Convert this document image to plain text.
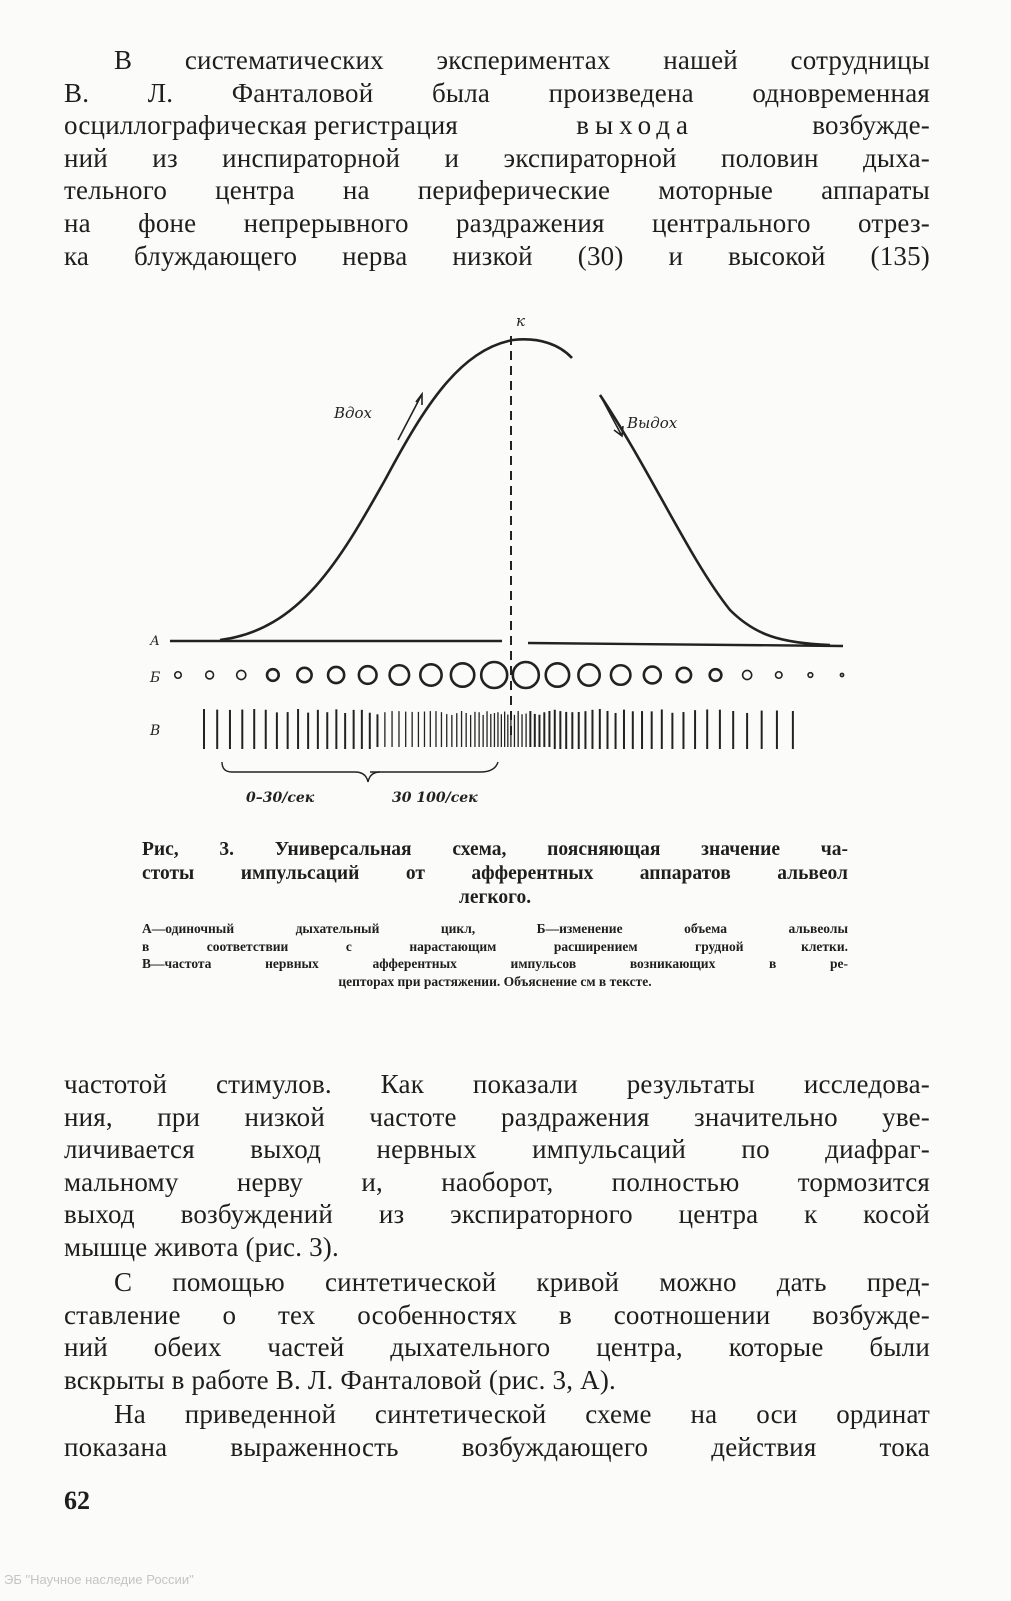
В систематических экспериментах нашей сотрудницы
В. Л. Фанталовой была произведена одновременная
осциллографическая регистрация	выхода	возбужде-
ний из инспираторной и экспираторной половин дыха-
тельного центра на периферические моторные аппараты
на фоне непрерывного раздражения центрального отрез-
ка блуждающего нерва низкой (30) и высокой (135)
к
Вдох
Выдох
А
Б
В
0–30/сек	30 100/сек
Рис, 3. Универсальная схема, поясняющая значение ча-
стоты импульсаций от афферентных аппаратов альвеол
легкого.
А—одиночный дыхательный цикл, Б—изменение объема альвеолы
в соответствии с нарастающим расширением грудной клетки.
В—частота нервных афферентных импульсов возникающих в ре-
цепторах при растяжении. Объяснение см в тексте.
частотой стимулов. Как показали результаты исследова-
ния, при низкой частоте раздражения значительно уве-
личивается выход нервных импульсаций по диафраг-
мальному нерву и, наоборот, полностью тормозится
выход возбуждений из экспираторного центра к косой
мышце живота (рис. 3).
С помощью синтетической кривой можно дать пред-
ставление о тех особенностях в соотношении возбужде-
ний обеих частей дыхательного центра, которые были
вскрыты в работе В. Л. Фанталовой (рис. 3, А).
На приведенной синтетической схеме на оси ординат
показана выраженность возбуждающего действия тока
62
ЭБ "Научное наследие России"
